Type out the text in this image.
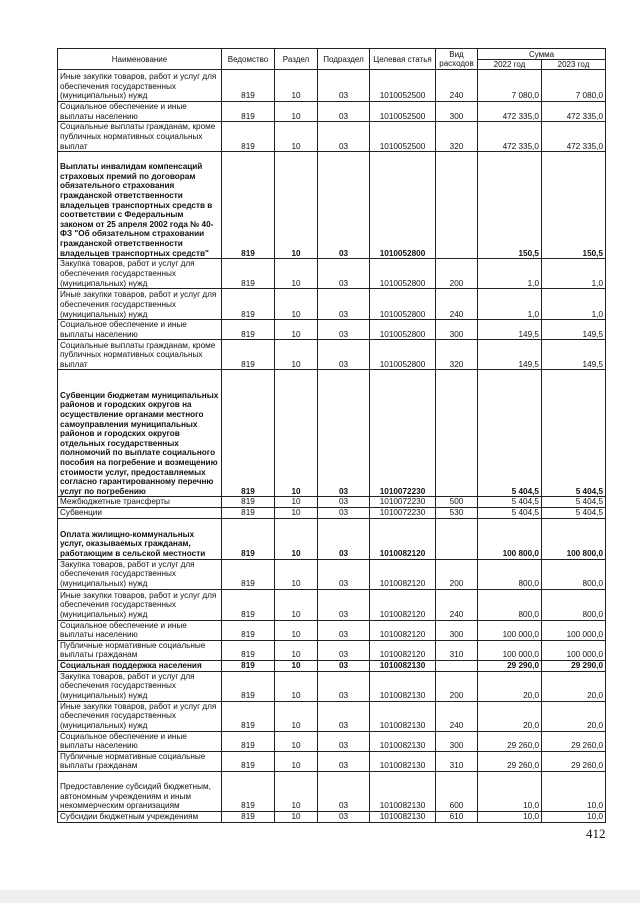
Наименование	Ведомство	Раздел	Подраздел	Целевая статья	Вид расходов	Сумма	
						2022 год	2023 год
Иные закупки товаров, работ и услуг для обеспечения государственных (муниципальных) нужд	819	10	03	1010052500	240	7 080,0	7 080,0
Социальное обеспечение и иные выплаты населению	819	10	03	1010052500	300	472 335,0	472 335,0
Социальные выплаты гражданам, кроме публичных нормативных социальных выплат	819	10	03	1010052500	320	472 335,0	472 335,0
Выплаты инвалидам компенсаций страховых премий по договорам обязательного страхования гражданской ответственности владельцев транспортных средств в соответствии с Федеральным законом от 25 апреля 2002 года № 40-ФЗ "Об обязательном страховании гражданской ответственности владельцев транспортных средств"	819	10	03	1010052800		150,5	150,5
Закупка товаров, работ и услуг для обеспечения государственных (муниципальных) нужд	819	10	03	1010052800	200	1,0	1,0
Иные закупки товаров, работ и услуг для обеспечения государственных (муниципальных) нужд	819	10	03	1010052800	240	1,0	1,0
Социальное обеспечение и иные выплаты населению	819	10	03	1010052800	300	149,5	149,5
Социальные выплаты гражданам, кроме публичных нормативных социальных выплат	819	10	03	1010052800	320	149,5	149,5
Субвенции бюджетам муниципальных районов и городских округов на осуществление органами местного самоуправления муниципальных районов и городских округов отдельных государственных полномочий по выплате социального пособия на погребение и возмещению стоимости услуг, предоставляемых согласно гарантированному перечню услуг по погребению	819	10	03	1010072230		5 404,5	5 404,5
Межбюджетные трансферты	819	10	03	1010072230	500	5 404,5	5 404,5
Субвенции	819	10	03	1010072230	530	5 404,5	5 404,5
Оплата жилищно-коммунальных услуг, оказываемых гражданам, работающим в сельской местности	819	10	03	1010082120		100 800,0	100 800,0
Закупка товаров, работ и услуг для обеспечения государственных (муниципальных) нужд	819	10	03	1010082120	200	800,0	800,0
Иные закупки товаров, работ и услуг для обеспечения государственных (муниципальных) нужд	819	10	03	1010082120	240	800,0	800,0
Социальное обеспечение и иные выплаты населению	819	10	03	1010082120	300	100 000,0	100 000,0
Публичные нормативные социальные выплаты гражданам	819	10	03	1010082120	310	100 000,0	100 000,0
Социальная поддержка населения	819	10	03	1010082130		29 290,0	29 290,0
Закупка товаров, работ и услуг для обеспечения государственных (муниципальных) нужд	819	10	03	1010082130	200	20,0	20,0
Иные закупки товаров, работ и услуг для обеспечения государственных (муниципальных) нужд	819	10	03	1010082130	240	20,0	20,0
Социальное обеспечение и иные выплаты населению	819	10	03	1010082130	300	29 260,0	29 260,0
Публичные нормативные социальные выплаты гражданам	819	10	03	1010082130	310	29 260,0	29 260,0
Предоставление субсидий бюджетным, автономным учреждениям и иным некоммерческим организациям	819	10	03	1010082130	600	10,0	10,0
Субсидии бюджетным учреждениям	819	10	03	1010082130	610	10,0	10,0
412
